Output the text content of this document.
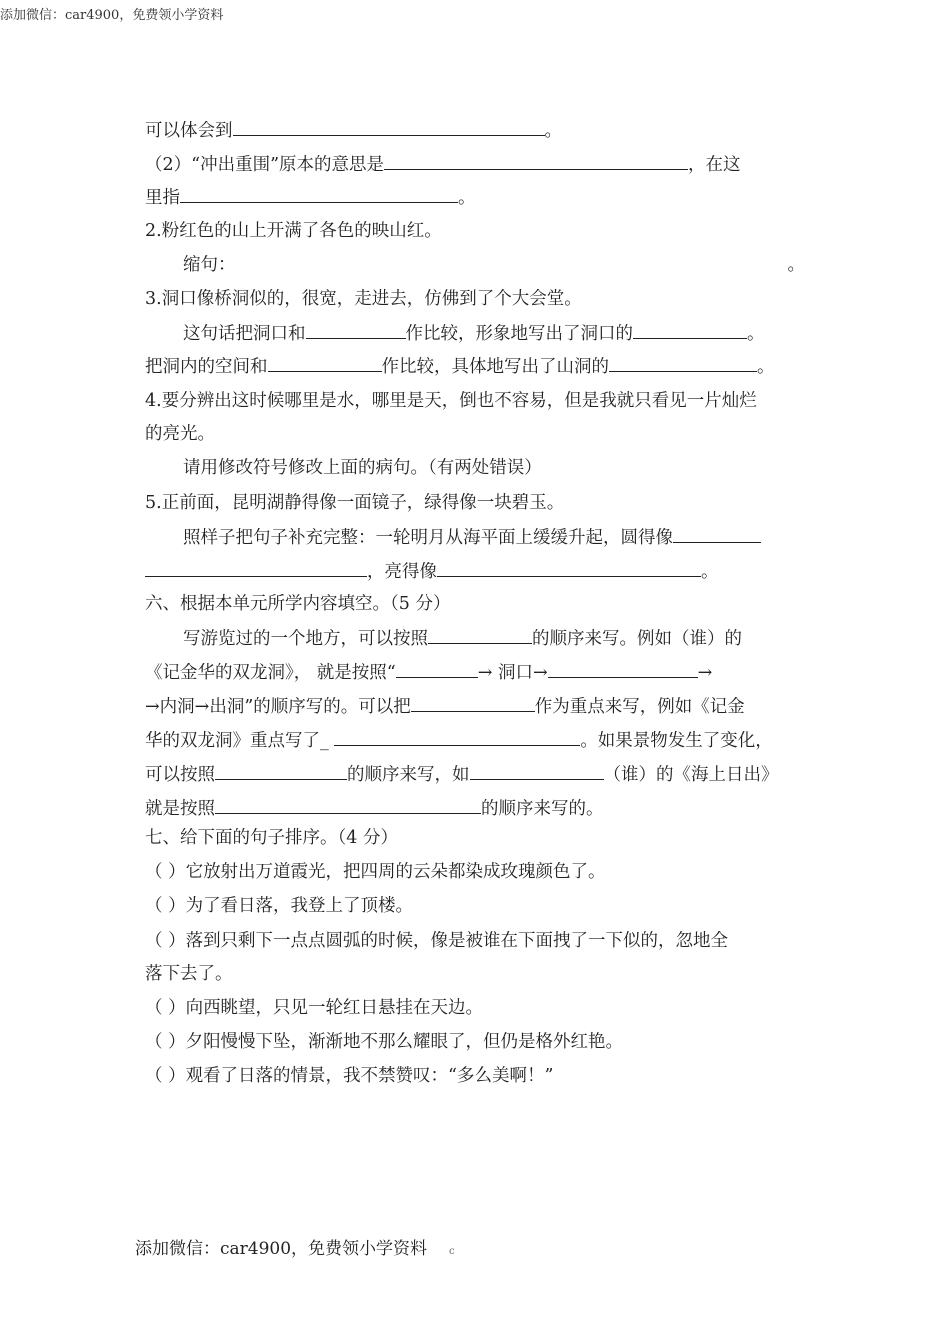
添加微信：car4900，免费领小学资料
可以体会到	。
（2）“冲出重围”原本的意思是	，在这
里指	。
2.粉红色的山上开满了各色的映山红。
缩句：	。
3.洞口像桥洞似的，很宽，走进去，仿佛到了个大会堂。
这句话把洞口和	作比较，形象地写出了洞口的	。
把洞内的空间和	作比较，具体地写出了山洞的	。
4.要分辨出这时候哪里是水，哪里是天，倒也不容易，但是我就只看见一片灿烂
的亮光。
请用修改符号修改上面的病句。（有两处错误）
5.正前面，昆明湖静得像一面镜子，绿得像一块碧玉。
照样子把句子补充完整：一轮明月从海平面上缓缓升起，圆得像
，亮得像	。
六、根据本单元所学内容填空。（5 分）
写游览过的一个地方，可以按照	的顺序来写。例如（谁）的
《记金华的双龙洞》， 就是按照“	→ 洞口→	→
→内洞→出洞”的顺序写的。可以把	作为重点来写，例如《记金
华的双龙洞》重点写了_	。如果景物发生了变化，
可以按照	的顺序来写，如	（谁）的《海上日出》
就是按照	的顺序来写的。
七、给下面的句子排序。（4 分）
（ ）它放射出万道霞光，把四周的云朵都染成玫瑰颜色了。
（ ）为了看日落，我登上了顶楼。
（ ）落到只剩下一点点圆弧的时候，像是被谁在下面拽了一下似的，忽地全
落下去了。
（ ）向西眺望，只见一轮红日悬挂在天边。
（ ）夕阳慢慢下坠，渐渐地不那么耀眼了，但仍是格外红艳。
（ ）观看了日落的情景，我不禁赞叹：“多么美啊！”
添加微信：car4900，免费领小学资料 c
